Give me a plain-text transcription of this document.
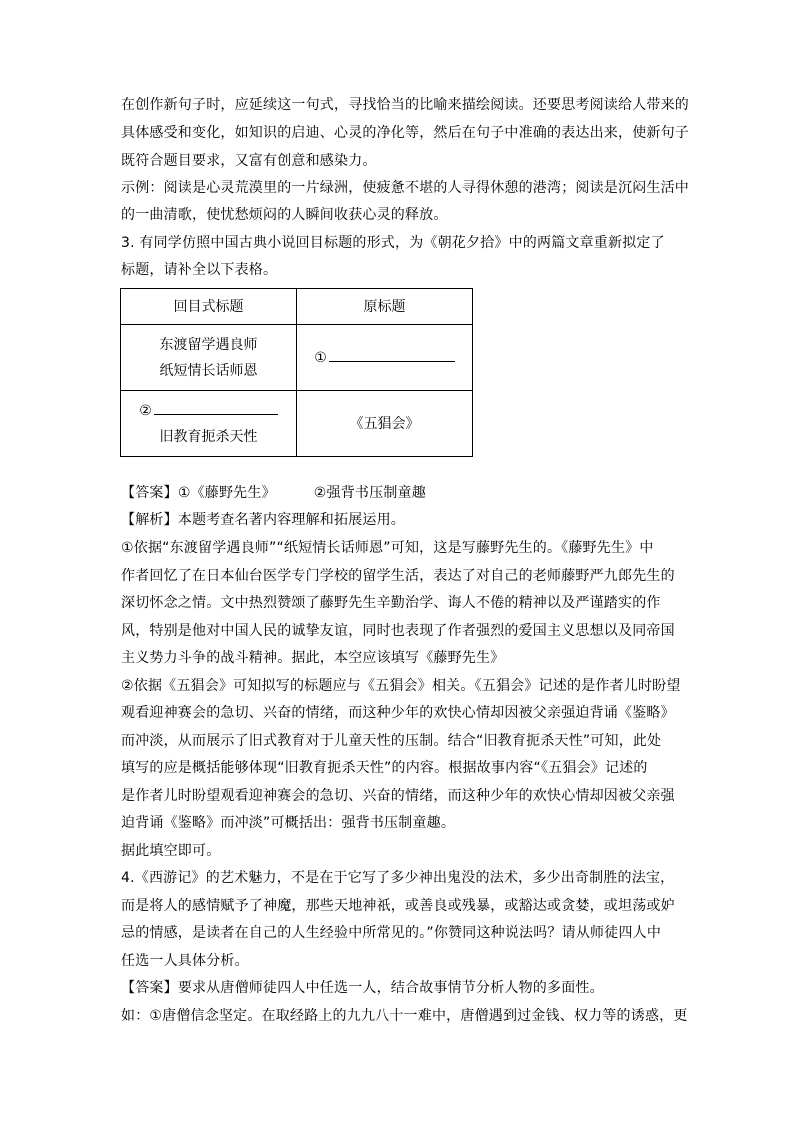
在创作新句子时，应延续这一句式，寻找恰当的比喻来描绘阅读。还要思考阅读给人带来的
具体感受和变化，如知识的启迪、心灵的净化等，然后在句子中准确的表达出来，使新句子
既符合题目要求，又富有创意和感染力。
示例：阅读是心灵荒漠里的一片绿洲，使疲惫不堪的人寻得休憩的港湾；阅读是沉闷生活中
的一曲清歌，使忧愁烦闷的人瞬间收获心灵的释放。
3. 有同学仿照中国古典小说回目标题的形式，为《朝花夕拾》中的两篇文章重新拟定了
标题，请补全以下表格。
回目式标题	原标题

东渡留学遇良师
纸短情长话师恩	①

②
旧教育扼杀天性	《五猖会》
【答案】①《藤野先生》	②强背书压制童趣
【解析】本题考查名著内容理解和拓展运用。
①依据“东渡留学遇良师”“纸短情长话师恩”可知，这是写藤野先生的。《藤野先生》中
作者回忆了在日本仙台医学专门学校的留学生活，表达了对自己的老师藤野严九郎先生的
深切怀念之情。文中热烈赞颂了藤野先生辛勤治学、诲人不倦的精神以及严谨踏实的作
风，特别是他对中国人民的诚挚友谊，同时也表现了作者强烈的爱国主义思想以及同帝国
主义势力斗争的战斗精神。据此，本空应该填写《藤野先生》
②依据《五猖会》可知拟写的标题应与《五猖会》相关。《五猖会》记述的是作者儿时盼望
观看迎神赛会的急切、兴奋的情绪，而这种少年的欢快心情却因被父亲强迫背诵《鉴略》
而冲淡，从而展示了旧式教育对于儿童天性的压制。结合“旧教育扼杀天性”可知，此处
填写的应是概括能够体现“旧教育扼杀天性”的内容。根据故事内容“《五猖会》记述的
是作者儿时盼望观看迎神赛会的急切、兴奋的情绪，而这种少年的欢快心情却因被父亲强
迫背诵《鉴略》而冲淡”可概括出：强背书压制童趣。
据此填空即可。
4.《西游记》的艺术魅力，不是在于它写了多少神出鬼没的法术，多少出奇制胜的法宝，
而是将人的感情赋予了神魔，那些天地神祇，或善良或残暴，或豁达或贪婪，或坦荡或妒
忌的情感，是读者在自己的人生经验中所常见的。”你赞同这种说法吗？请从师徒四人中
任选一人具体分析。
【答案】要求从唐僧师徒四人中任选一人，结合故事情节分析人物的多面性。
如：①唐僧信念坚定。在取经路上的九九八十一难中，唐僧遇到过金钱、权力等的诱惑，更
